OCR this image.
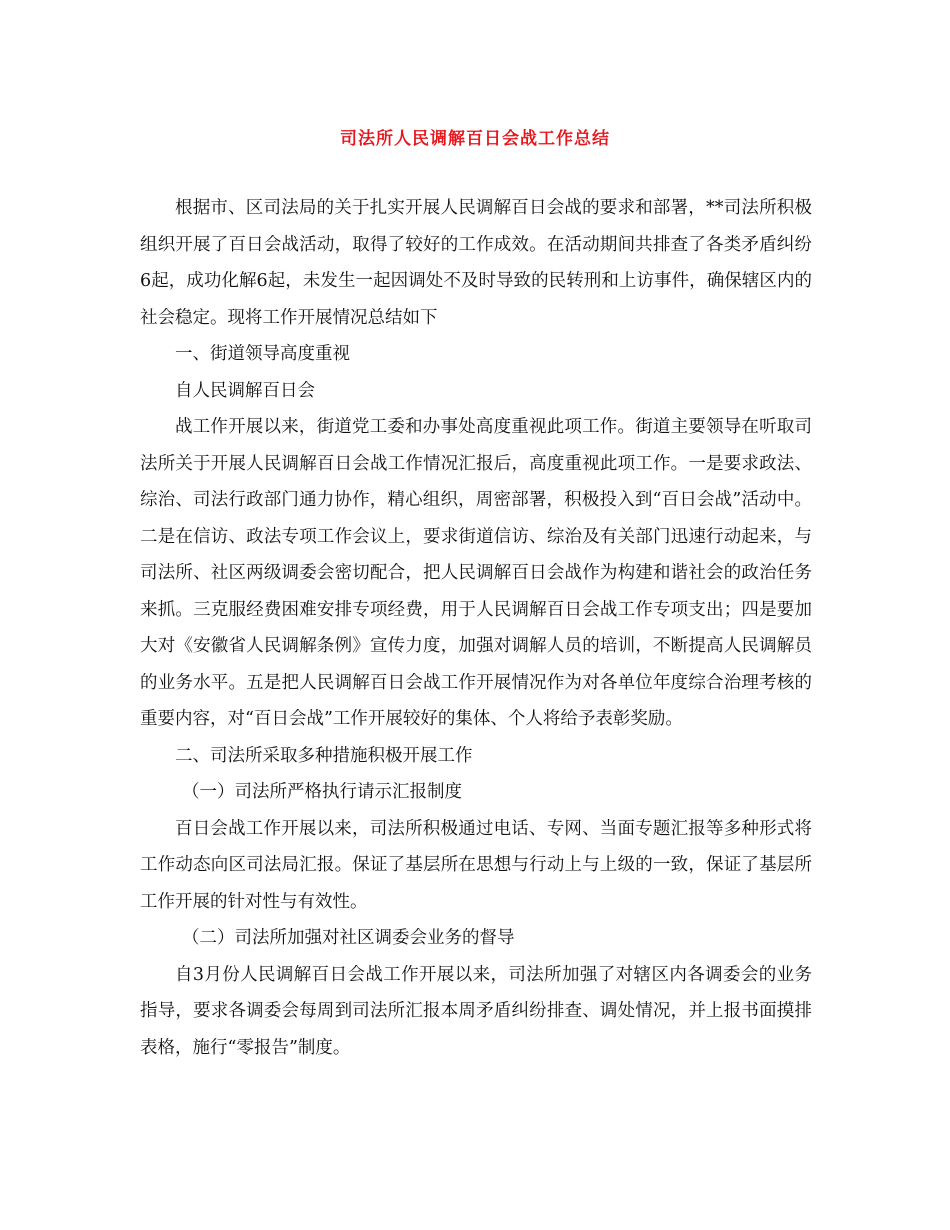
司法所人民调解百日会战工作总结

根据市、区司法局的关于扎实开展人民调解百日会战的要求和部署，**司法所积极组织开展了百日会战活动，取得了较好的工作成效。在活动期间共排查了各类矛盾纠纷6起，成功化解6起，未发生一起因调处不及时导致的民转刑和上访事件，确保辖区内的社会稳定。现将工作开展情况总结如下

一、街道领导高度重视

自人民调解百日会

战工作开展以来，街道党工委和办事处高度重视此项工作。街道主要领导在听取司法所关于开展人民调解百日会战工作情况汇报后，高度重视此项工作。一是要求政法、综治、司法行政部门通力协作，精心组织，周密部署，积极投入到“百日会战”活动中。二是在信访、政法专项工作会议上，要求街道信访、综治及有关部门迅速行动起来，与司法所、社区两级调委会密切配合，把人民调解百日会战作为构建和谐社会的政治任务来抓。三克服经费困难安排专项经费，用于人民调解百日会战工作专项支出；四是要加大对《安徽省人民调解条例》宣传力度，加强对调解人员的培训，不断提高人民调解员的业务水平。五是把人民调解百日会战工作开展情况作为对各单位年度综合治理考核的重要内容，对“百日会战”工作开展较好的集体、个人将给予表彰奖励。

二、司法所采取多种措施积极开展工作

（一）司法所严格执行请示汇报制度

百日会战工作开展以来，司法所积极通过电话、专网、当面专题汇报等多种形式将工作动态向区司法局汇报。保证了基层所在思想与行动上与上级的一致，保证了基层所工作开展的针对性与有效性。

（二）司法所加强对社区调委会业务的督导

自3月份人民调解百日会战工作开展以来，司法所加强了对辖区内各调委会的业务指导，要求各调委会每周到司法所汇报本周矛盾纠纷排查、调处情况，并上报书面摸排表格，施行“零报告”制度。
